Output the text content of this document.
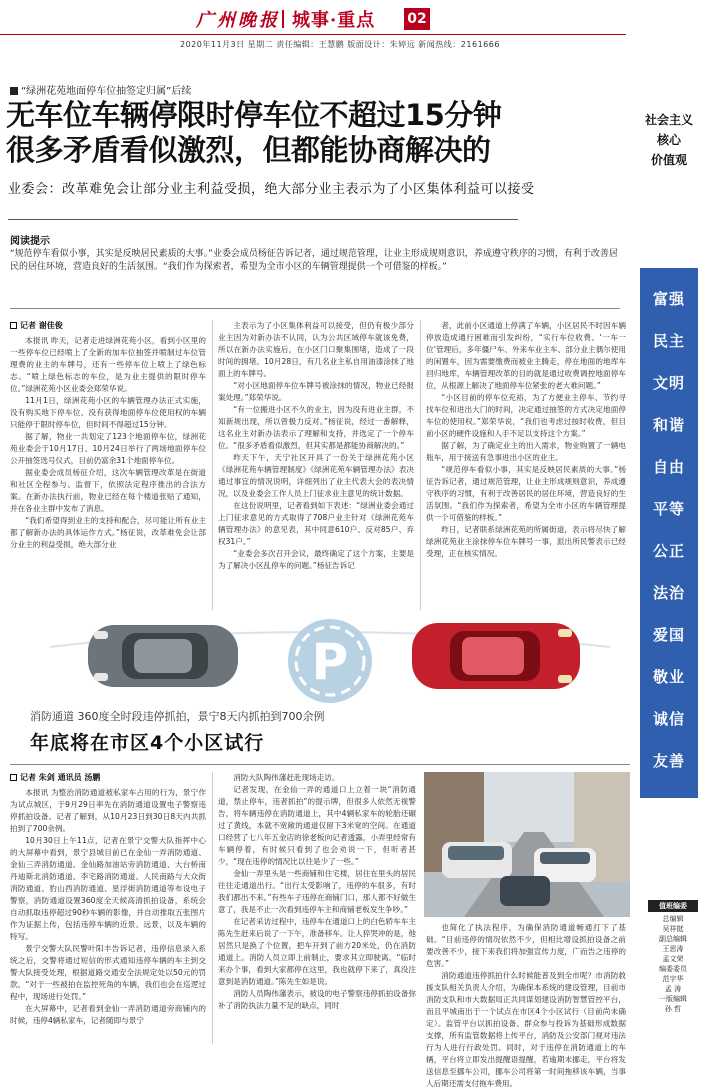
广州晚报 城事·重点 02
2020年11月3日 星期二 责任编辑：王慧鹏 版面设计：朱婷远 新闻热线：2161666
“绿洲花苑地面停车位抽签定归属”后续
无车位车辆停限时停车位不超过15分钟
很多矛盾看似激烈，但都能协商解决的
业委会：改革难免会让部分业主利益受损，绝大部分业主表示为了小区集体利益可以接受
阅读提示
“规范停车看似小事，其实是反映居民素质的大事。”业委会成员杨征告诉记者，通过规范管理，让业主形成规则意识，养成遵守秩序的习惯，有利于改善居民的居住环境，营造良好的生活氛围。“我们作为探索者，希望为全市小区的车辆管理提供一个可借鉴的样板。”
记者 谢佳俊

本报讯 昨天，记者走进绿洲花苑小区，看到小区里的一些停车位已经喷上了全新的加车位抽签并喷制过车位管理费的业主的车牌号，还有一些停车位上喷上了绿色标志。“喷上绿色标志的车位，是为业主提供的限时停车位。”绿洲花苑小区业委会郑荣华说。

11月1日，绿洲花苑小区的车辆管理办法正式实施，没有购买地下停车位、没有获得地面停车位使用权的车辆只能停于限时停车位，但时间不得超过15分钟。

据了解，物业一共划定了123个地面停车位，绿洲花苑业委会于10月17日、10月24日举行了两场地面停车位公开抽签选号仪式，目前仍富余31个地面停车位。

据业委会成员杨征介绍，这次车辆管理改革是在街道和社区全程参与、监督下，依照法定程序推出的合法方案。在新办法执行前，物业已经在每个楼道张贴了通知，并在各业主群中发布了消息。

“我们希望得到业主的支持和配合，尽可能让所有业主都了解新办法的具体运作方式。”杨征说，改革难免会让部分业主的利益受损，绝大部分业

主表示为了小区集体利益可以接受，但仍有极少部分业主因为对新办法不认同，认为公共区域停车就该免费，所以在新办法实施后，在小区门口聚集围堵，造成了一段时间的拥堵。10月28日，有几名业主私自用油漆涂抹了地面上的车牌号。

“对小区地面停车位车牌号被涂抹的情况，物业已经报案处理。”郑荣华说。

“有一位搬进小区不久的业主，因为没有进业主群，不知新规出现，所以曾极力反对。”杨征说，经过一番解释，这名业主对新办法表示了理解和支持，并选定了一个停车位。“很多矛盾看似激烈，但其实都是都能协商解决的。”

昨天下午，天宁社区开具了一份关于绿洲花苑小区《绿洲花苑车辆管理制度》《绿洲花苑车辆管理办法》表决通过事宜的情况说明，详细列出了业主代表大会的表决情况，以及业委会工作人员上门征求业主意见的统计数据。

在这份说明里，记者看到如下表述：“绿洲业委会通过上门征求意见的方式取得了708户业主针对《绿洲花苑车辆管理办法》的意见表，其中同意610户、反对85户、弃权31户。”

“业委会多次召开会议，最终确定了这个方案，主要是为了解决小区乱停车的问题。”杨征告诉记

者，此前小区通道上停满了车辆，小区居民不时因车辆停放造成通行困难而引发纠纷，“实行车位收费、‘一车一位’管理后，多年僵尸车、外来车业主车、部分业主偶尔使用的闲置车，因为需要缴费而被业主腾走，停在地面的地库车回归地库，车辆管理改革的目的就是通过收费调控地面停车位，从根源上解决了地面停车位紧张的老大难问题。”

“小区目前的停车位充裕，为了方便业主停车、节约寻找车位和进出大门的时间，决定通过抽签的方式决定地面停车位的使用权。”郑荣华说，“我们也考虑过按时收费，但目前小区的硬件设施和人手不足以支持这个方案。”

据了解，为了确定业主的出入需求，物业购置了一辆电瓶车，用于接送有急事进出小区的业主。

“规范停车看似小事，其实是反映居民素质的大事。”杨征告诉记者，通过规范管理，让业主形成规则意识，养成遵守秩序的习惯，有利于改善居民的居住环境，营造良好的生活氛围。“我们作为探索者，希望为全市小区的车辆管理提供一个可借鉴的样板。”

昨日，记者联系绿洲花苑的所属街道，表示将尽快了解绿洲花苑业主涂抹停车位车牌号一事，派出所民警表示已经受理，正在核实情况。

P
消防通道 360度全时段违停抓拍，景宁8天内抓拍到700余例
年底将在市区4个小区试行
记者 朱剑 通讯员 汤鹏

本报讯 为整治消防通道被私家车占用的行为，景宁作为试点城区，于9月29日率先在消防通道设置电子警察违停抓拍设备。记者了解到，从10月23日到30日8天内共抓拍到了700余例。

10月30日上午11点，记者在景宁交警大队指挥中心的大屏幕中看到，景宁县城目前已在金仙一弄消防通道、金仙三弄消防通道、金仙路加油站旁消防通道、大台桥南丹迪斯北消防通道、李宅路消防通道、人民南路与大众街消防通道、豹山西消防通道、星浮街消防通道等布设电子警察，消防通道设置360度全天候高清抓拍设备，系统会自动抓取违停超过90秒车辆的影像，并自动推取五张图片作为证据上传，包括违停车辆的近景、远景，以及车辆的特写。

景宁交警大队民警叶阳丰告诉记者，违停信息录入系统之后，交警将通过短信的形式通知违停车辆的车主到交警大队接受处理，根据道路交通安全法规定处以50元的罚款。“对于一些被拍在监控死角的车辆，我们也会在巡逻过程中，现场进行处罚。”

在大屏幕中，记者看到金仙一弄消防通道旁商铺内的时候，违停4辆私家车，记者随即与景宁

消防大队陶伟藩赶赴现场走访。

记者发现，在金仙一弄的通道口上立着一块“消防通道，禁止停车，违者抓拍”的提示牌，但很多人依然无视警告，将车辆违停在消防通道上，其中4辆私家车的轮胎还碾过了黄线，本就不宽敞的通道仅留下3米宽的空间。在通道口经营了七八年五金店的徐老板向记者透露，小弄里经常有车辆停着，有时候只看到了也会劝说一下，但听者甚少，“现在违停的情况比以往是少了一些。”

金仙一弄里头是一些商铺和住宅楼，居住在里头的居民往往走通道出行。“出行太受影响了，违停的车很多，有时我们都出不来。”有些车子违停在商铺门口，那人都不好做生意了，我是不止一次看到违停车主和商铺老板发生争吵。”

在记者采访过程中，违停车在通道口上的白色轿车车主陈先生赶来后说了一下午，准备移车。让人猝哭冲的是，他居然只是换了个位置，把车开到了前方20米处，仍在消防通道上。消防人员立即上前制止，要求其立即驶离。“临时来办个事，看到大家都停在这里，我也就停下来了，真没注意到是消防通道。”陈先生如是说。

消防人员陶伟藩表示，被设的电子警察违停抓拍设备弥补了消防执法力量不足的缺点，同时

也简化了执法程序，为确保消防通道畅通打下了基础。“目前违停的情况依然不少，但相比增设抓拍设备之前要改善不少，接下来我们将加强宣传力度，广而告之违停的危害。”

消防通道违停抓拍什么时候能普及到全市呢？市消防救援支队相关负责人介绍，为确保本系统的建设管理，目前市消防支队和市大数据局正共同谋划建设消防智慧管控平台，而且平城南出于一个试点在市区4个小区试行（目前尚未确定）。监管平台以抓拍设备、群众参与投诉为基础形成数据支撑，所有监管数据将上传平台，消防及公安部门视对违法行为人进行行政处罚。同时，对于违停在消防通道上的车辆，平台将立即发出提醒语提醒，若逾期未挪走，平台将发送信息至挪车公司，挪车公司将第一时间拖移该车辆，当事人后期还需支付拖车费用。

社会主义
核心
价值观
富强
民主
文明
和谐
自由
平等
公正
法治
爱国
敬业
诚信
友善
值班编委
总编辑
吴祥挺
副总编辑
王思涛
孟文荣
编委委员
范宇华
孟 涛
一版编辑
孙 哲
